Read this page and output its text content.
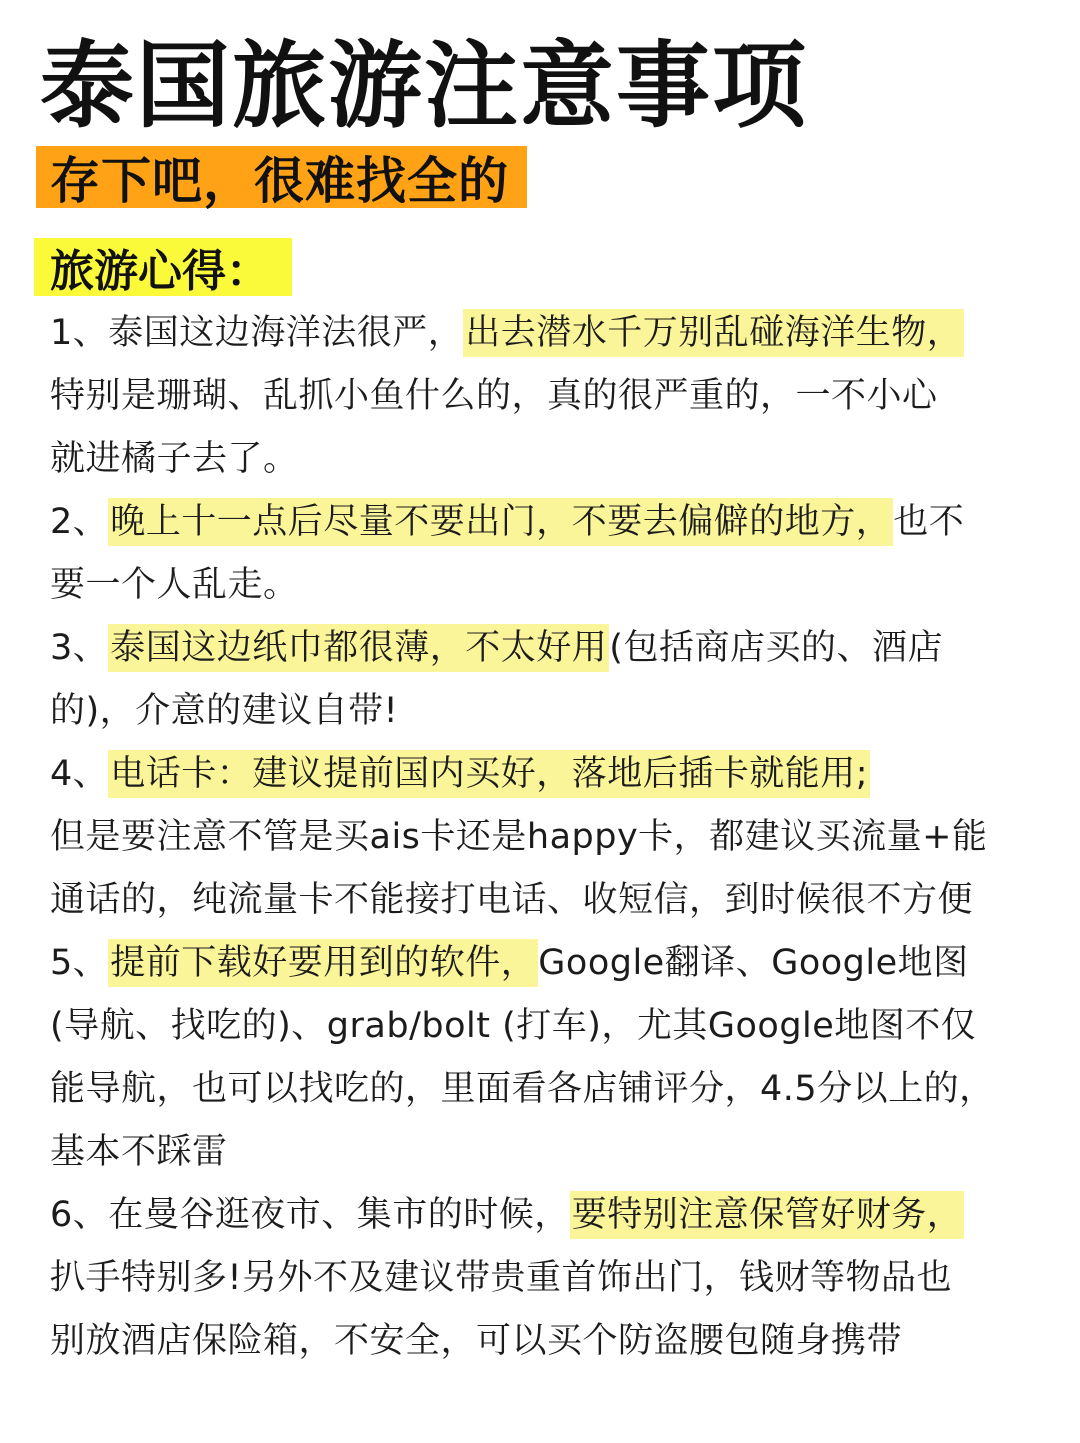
泰国旅游注意事项
存下吧，很难找全的
旅游心得：
1、泰国这边海洋法很严，出去潜水千万别乱碰海洋生物，
特别是珊瑚、乱抓小鱼什么的，真的很严重的，一不小心
就进橘子去了。
2、晚上十一点后尽量不要出门，不要去偏僻的地方，也不
要一个人乱走。
3、泰国这边纸巾都很薄，不太好用(包括商店买的、酒店
的)，介意的建议自带!
4、电话卡：建议提前国内买好，落地后插卡就能用;
但是要注意不管是买ais卡还是happy卡，都建议买流量+能
通话的，纯流量卡不能接打电话、收短信，到时候很不方便
5、提前下载好要用到的软件，Google翻译、Google地图
(导航、找吃的)、grab/bolt (打车)，尤其Google地图不仅
能导航，也可以找吃的，里面看各店铺评分，4.5分以上的，
基本不踩雷
6、在曼谷逛夜市、集市的时候，要特别注意保管好财务，
扒手特别多!另外不及建议带贵重首饰出门，钱财等物品也
别放酒店保险箱，不安全，可以买个防盗腰包随身携带
